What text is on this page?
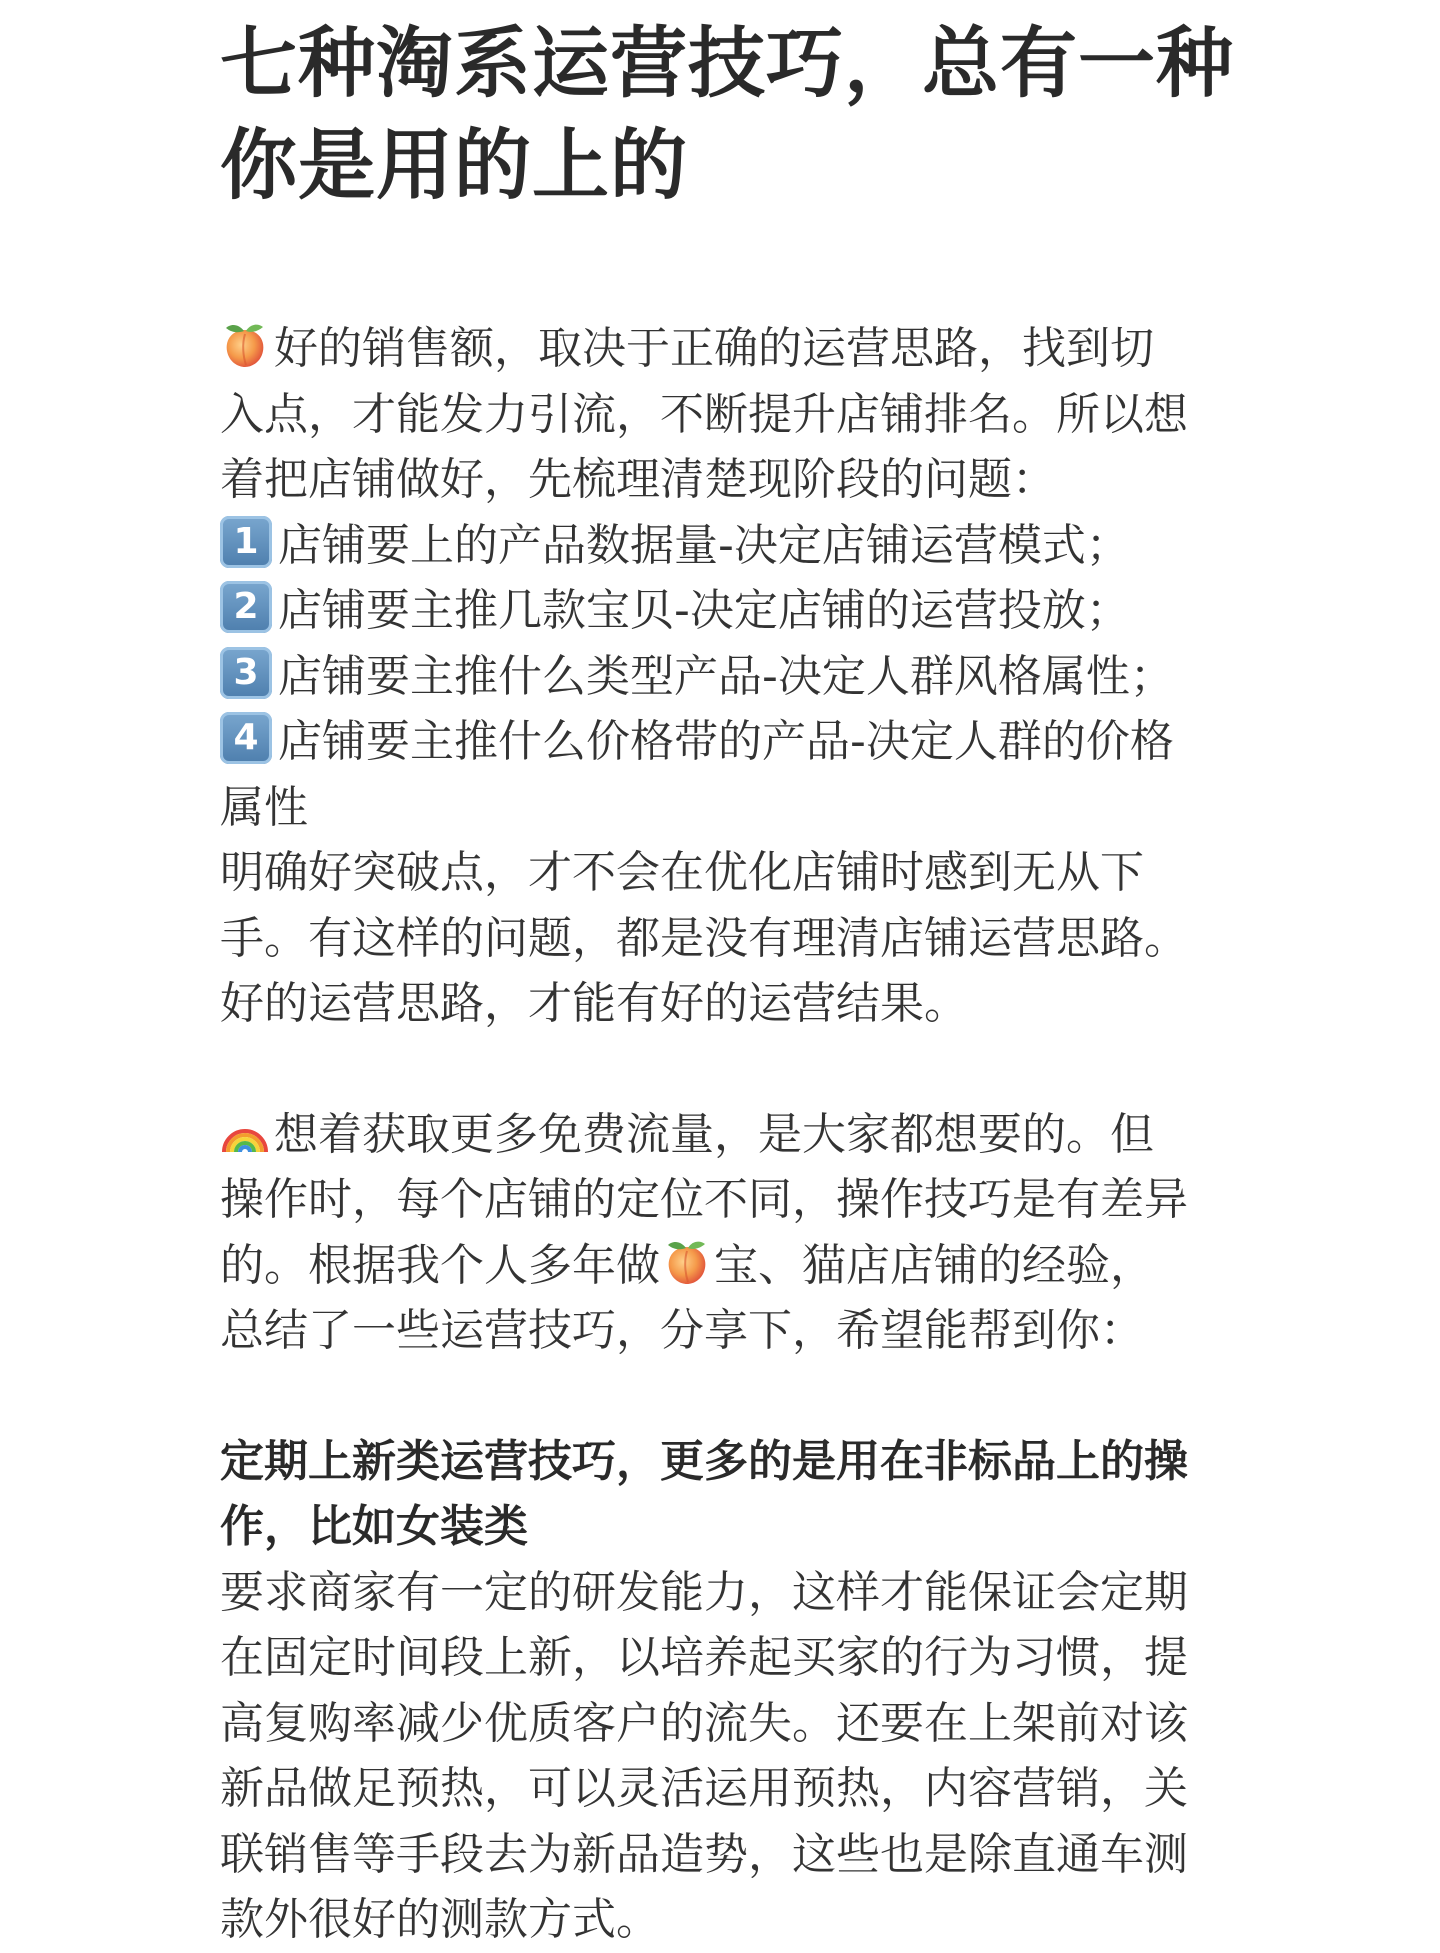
七种淘系运营技巧，总有一种
你是用的上的
好的销售额，取决于正确的运营思路，找到切
入点，才能发力引流，不断提升店铺排名。所以想
着把店铺做好，先梳理清楚现阶段的问题：
1 店铺要上的产品数据量-决定店铺运营模式；
2 店铺要主推几款宝贝-决定店铺的运营投放；
3 店铺要主推什么类型产品-决定人群风格属性；
4 店铺要主推什么价格带的产品-决定人群的价格
属性
明确好突破点，才不会在优化店铺时感到无从下
手。有这样的问题，都是没有理清店铺运营思路。
好的运营思路，才能有好的运营结果。
想着获取更多免费流量，是大家都想要的。但
操作时，每个店铺的定位不同，操作技巧是有差异
的。根据我个人多年做 宝、猫店店铺的经验，
总结了一些运营技巧，分享下，希望能帮到你：
定期上新类运营技巧，更多的是用在非标品上的操
作，比如女装类
要求商家有一定的研发能力，这样才能保证会定期
在固定时间段上新，以培养起买家的行为习惯，提
高复购率减少优质客户的流失。还要在上架前对该
新品做足预热，可以灵活运用预热，内容营销，关
联销售等手段去为新品造势，这些也是除直通车测
款外很好的测款方式。
